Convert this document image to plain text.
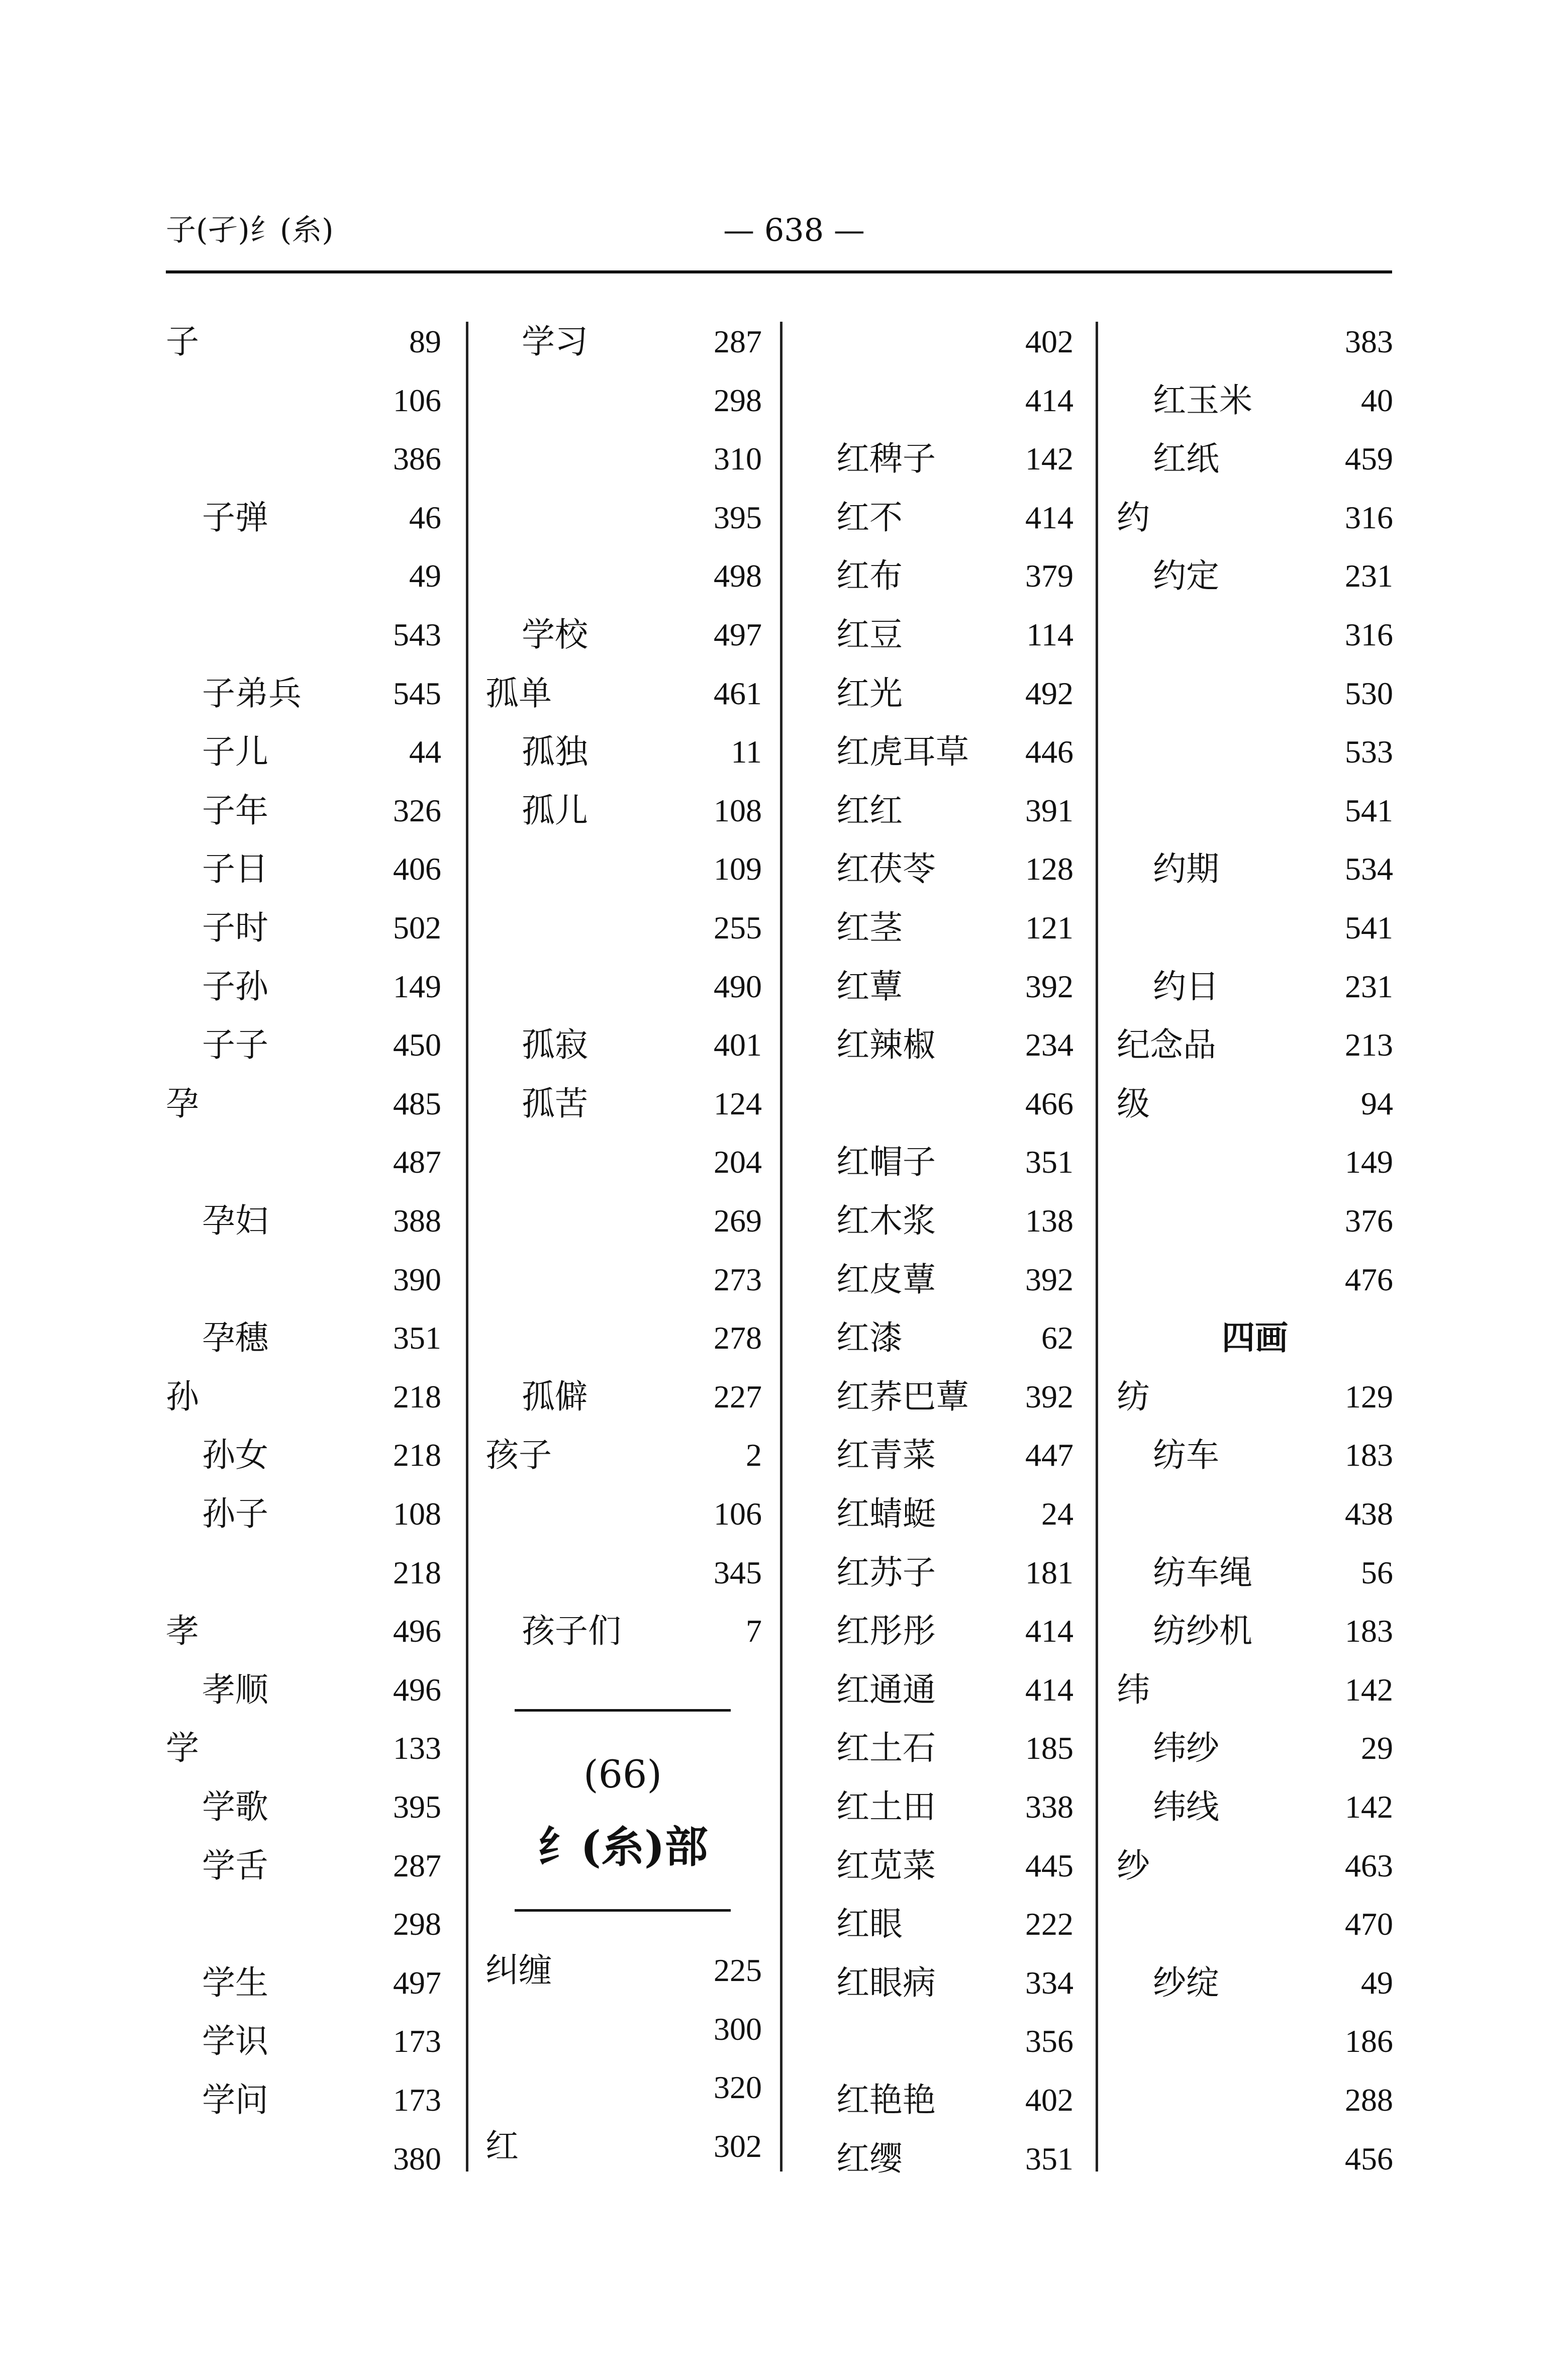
子(孑)纟(糸)	— 638 —
子	89
106
386
子弹	46
49
543
子弟兵	545
子儿	44
子年	326
子日	406
子时	502
子孙	149
子子	450
孕	485
487
孕妇	388
390
孕穗	351
孙	218
孙女	218
孙子	108
218
孝	496
孝顺	496
学	133
学歌	395
学舌	287
298
学生	497
学识	173
学问	173
380
学习	287
298
310
395
498
学校	497
孤单	461
孤独	11
孤儿	108
109
255
490
孤寂	401
孤苦	124
204
269
273
278
孤僻	227
孩子	2
106
345
孩子们	7
纠缠	225
300
320
红	302
402
414
红稗子	142
红不	414
红布	379
红豆	114
红光	492
红虎耳草 446
红红	391
红茯苓	128
红茎	121
红蕈	392
红辣椒	234
466
红帽子	351
红木浆	138
红皮蕈	392
红漆	62
红荞巴蕈 392
红青菜	447
红蜻蜓	24
红苏子	181
红彤彤	414
红通通	414
红土石	185
红土田	338
红苋菜	445
红眼	222
红眼病	334
356
红艳艳	402
红缨	351
383
红玉米	40
红纸	459
约	316
约定	231
316
530
533
541
约期	534
541
约日	231
纪念品	213
级	94
149
376
476
四画
纺	129
纺车	183
438
纺车绳	56
纺纱机	183
纬	142
纬纱	29
纬线	142
纱	463
470
纱绽	49
186
288
456
(66)
纟(糸)部
